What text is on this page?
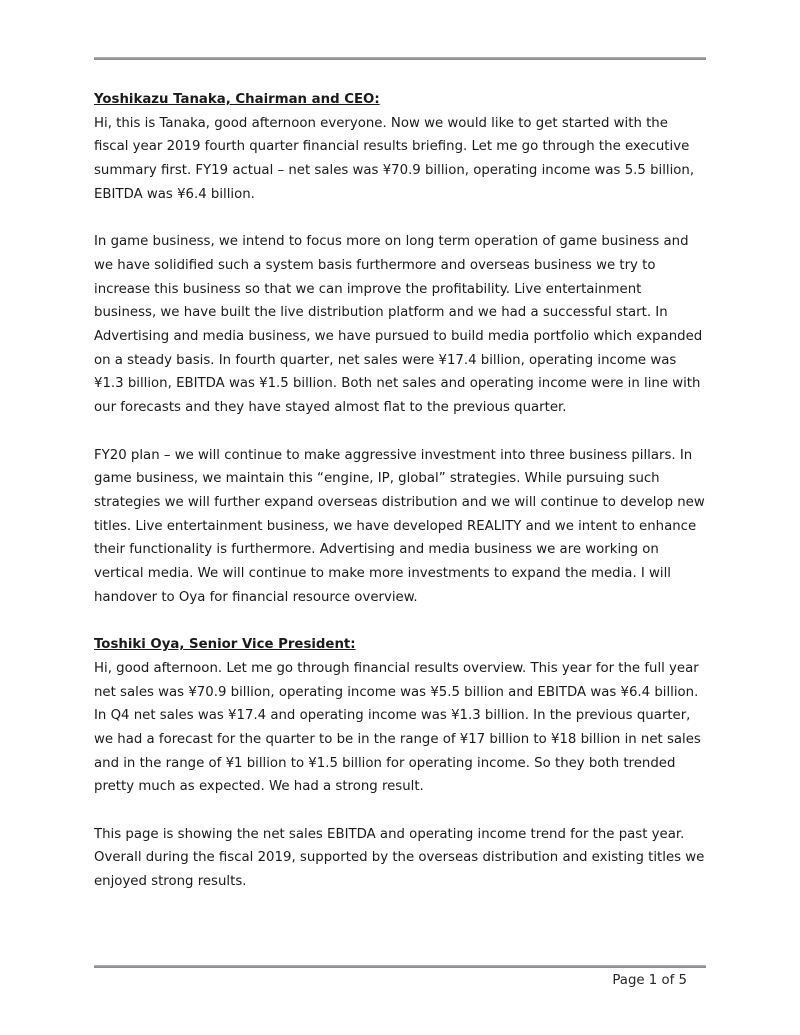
Yoshikazu Tanaka, Chairman and CEO:

Hi, this is Tanaka, good afternoon everyone. Now we would like to get started with the fiscal year 2019 fourth quarter financial results briefing. Let me go through the executive summary first. FY19 actual – net sales was ¥70.9 billion, operating income was 5.5 billion, EBITDA was ¥6.4 billion.

In game business, we intend to focus more on long term operation of game business and we have solidified such a system basis furthermore and overseas business we try to increase this business so that we can improve the profitability. Live entertainment business, we have built the live distribution platform and we had a successful start. In Advertising and media business, we have pursued to build media portfolio which expanded on a steady basis. In fourth quarter, net sales were ¥17.4 billion, operating income was ¥1.3 billion, EBITDA was ¥1.5 billion. Both net sales and operating income were in line with our forecasts and they have stayed almost flat to the previous quarter.

FY20 plan – we will continue to make aggressive investment into three business pillars. In game business, we maintain this “engine, IP, global” strategies. While pursuing such strategies we will further expand overseas distribution and we will continue to develop new titles. Live entertainment business, we have developed REALITY and we intent to enhance their functionality is furthermore. Advertising and media business we are working on vertical media. We will continue to make more investments to expand the media. I will handover to Oya for financial resource overview.

Toshiki Oya, Senior Vice President:

Hi, good afternoon. Let me go through financial results overview. This year for the full year net sales was ¥70.9 billion, operating income was ¥5.5 billion and EBITDA was ¥6.4 billion. In Q4 net sales was ¥17.4 and operating income was ¥1.3 billion. In the previous quarter, we had a forecast for the quarter to be in the range of ¥17 billion to ¥18 billion in net sales and in the range of ¥1 billion to ¥1.5 billion for operating income. So they both trended pretty much as expected. We had a strong result.

This page is showing the net sales EBITDA and operating income trend for the past year. Overall during the fiscal 2019, supported by the overseas distribution and existing titles we enjoyed strong results.

Page 1 of 5
